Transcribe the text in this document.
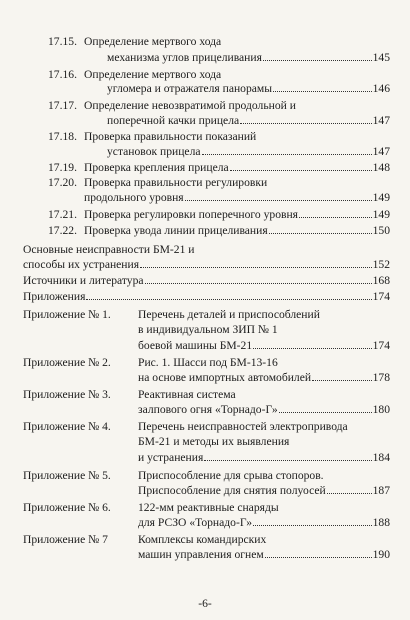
17.15. Определение мертвого хода
механизма углов прицеливания	145
17.16. Определение мертвого хода
угломера и отражателя панорамы	146
17.17. Определение невозвратимой продольной и
поперечной качки прицела	147
17.18. Проверка правильности показаний
установок прицела	147
17.19. Проверка крепления прицела	148
17.20. Проверка правильности регулировки
продольного уровня	149
17.21. Проверка регулировки поперечного уровня	149
17.22. Проверка увода линии прицеливания	150
Основные неисправности БМ-21 и
способы их устранения	152
Источники и литература	168
Приложения	174
Приложение № 1. Перечень деталей и приспособлений
в индивидуальном ЗИП № 1
боевой машины БМ-21	174
Приложение № 2. Рис. 1. Шасси под БМ-13-16
на основе импортных автомобилей	178
Приложение № 3. Реактивная система
залпового огня «Торнадо-Г»	180
Приложение № 4. Перечень неисправностей электропривода
БМ-21 и методы их выявления
и устранения	184
Приложение № 5. Приспособление для срыва стопоров.
Приспособление для снятия полуосей	187
Приложение № 6. 122-мм реактивные снаряды
для РСЗО «Торнадо-Г»	188
Приложение № 7	Комплексы командирских
машин управления огнем	190
-6-
